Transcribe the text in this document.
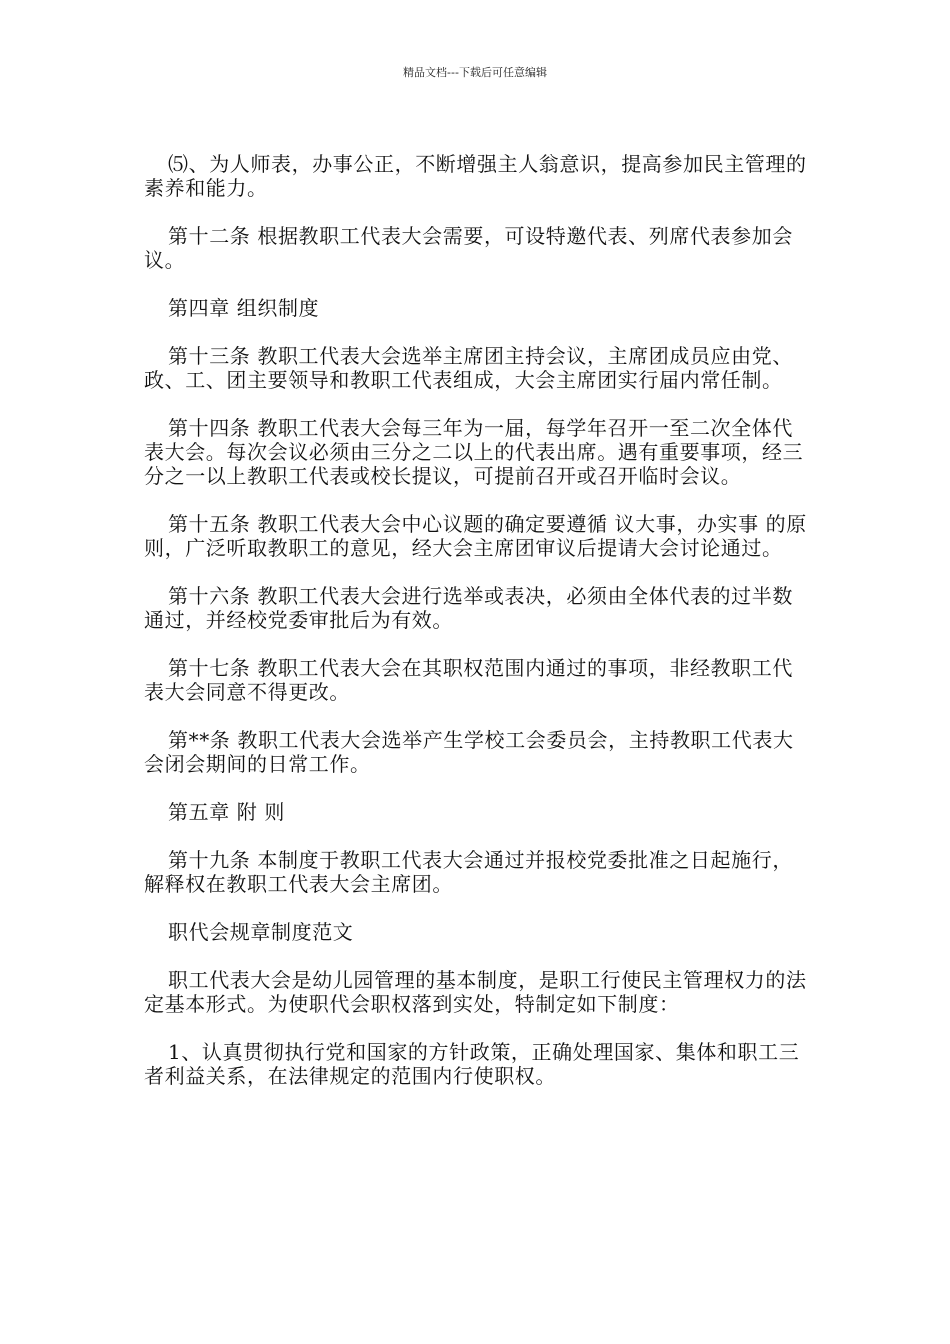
精品文档---下载后可任意编辑

⑸、为人师表，办事公正，不断增强主人翁意识，提高参加民主管理的素养和能力。

第十二条 根据教职工代表大会需要，可设特邀代表、列席代表参加会议。

第四章 组织制度

第十三条 教职工代表大会选举主席团主持会议，主席团成员应由党、政、工、团主要领导和教职工代表组成，大会主席团实行届内常任制。

第十四条 教职工代表大会每三年为一届，每学年召开一至二次全体代表大会。每次会议必须由三分之二以上的代表出席。遇有重要事项，经三分之一以上教职工代表或校长提议，可提前召开或召开临时会议。

第十五条 教职工代表大会中心议题的确定要遵循 议大事，办实事 的原则，广泛听取教职工的意见，经大会主席团审议后提请大会讨论通过。

第十六条 教职工代表大会进行选举或表决，必须由全体代表的过半数通过，并经校党委审批后为有效。

第十七条 教职工代表大会在其职权范围内通过的事项，非经教职工代表大会同意不得更改。

第**条 教职工代表大会选举产生学校工会委员会，主持教职工代表大会闭会期间的日常工作。

第五章 附 则

第十九条 本制度于教职工代表大会通过并报校党委批准之日起施行，解释权在教职工代表大会主席团。

职代会规章制度范文

职工代表大会是幼儿园管理的基本制度，是职工行使民主管理权力的法定基本形式。为使职代会职权落到实处，特制定如下制度：

1、认真贯彻执行党和国家的方针政策，正确处理国家、集体和职工三者利益关系，在法律规定的范围内行使职权。
